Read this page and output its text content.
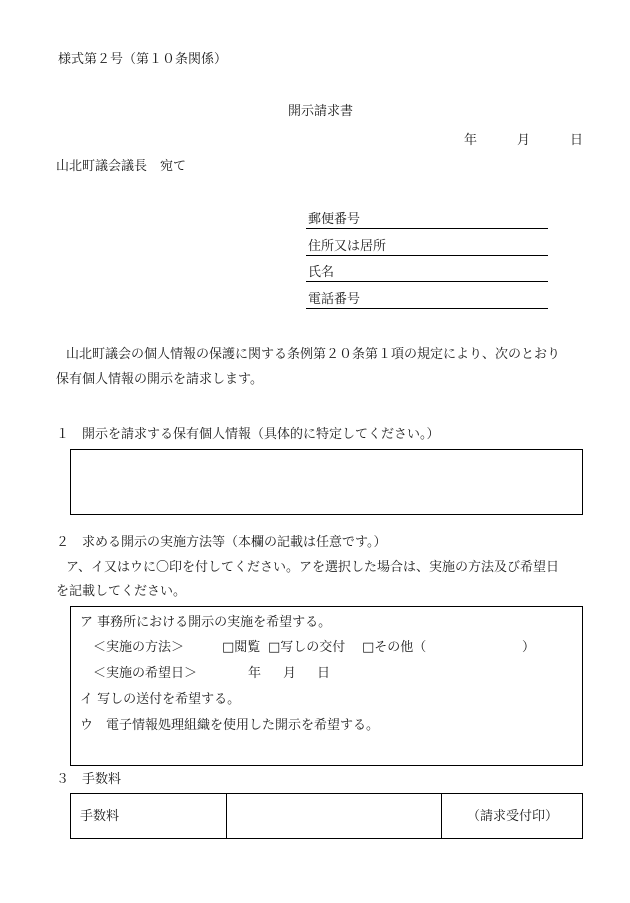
様式第２号（第１０条関係）
開示請求書
年	月	日
山北町議会議長　宛て
郵便番号
住所又は居所
氏名
電話番号
山北町議会の個人情報の保護に関する条例第２０条第１項の規定により、次のとおり
保有個人情報の開示を請求します。
１　開示を請求する保有個人情報（具体的に特定してください。）
２　求める開示の実施方法等（本欄の記載は任意です。）
ア、イ又はウに〇印を付してください。アを選択した場合は、実施の方法及び希望日
を記載してください。
ア 事務所における開示の実施を希望する。
＜実施の方法＞	□閲覧 □写しの交付 □その他（	）
＜実施の希望日＞	年 月 日
イ 写しの送付を希望する。
ウ　電子情報処理組織を使用した開示を希望する。
３　手数料
手数料	（請求受付印）
